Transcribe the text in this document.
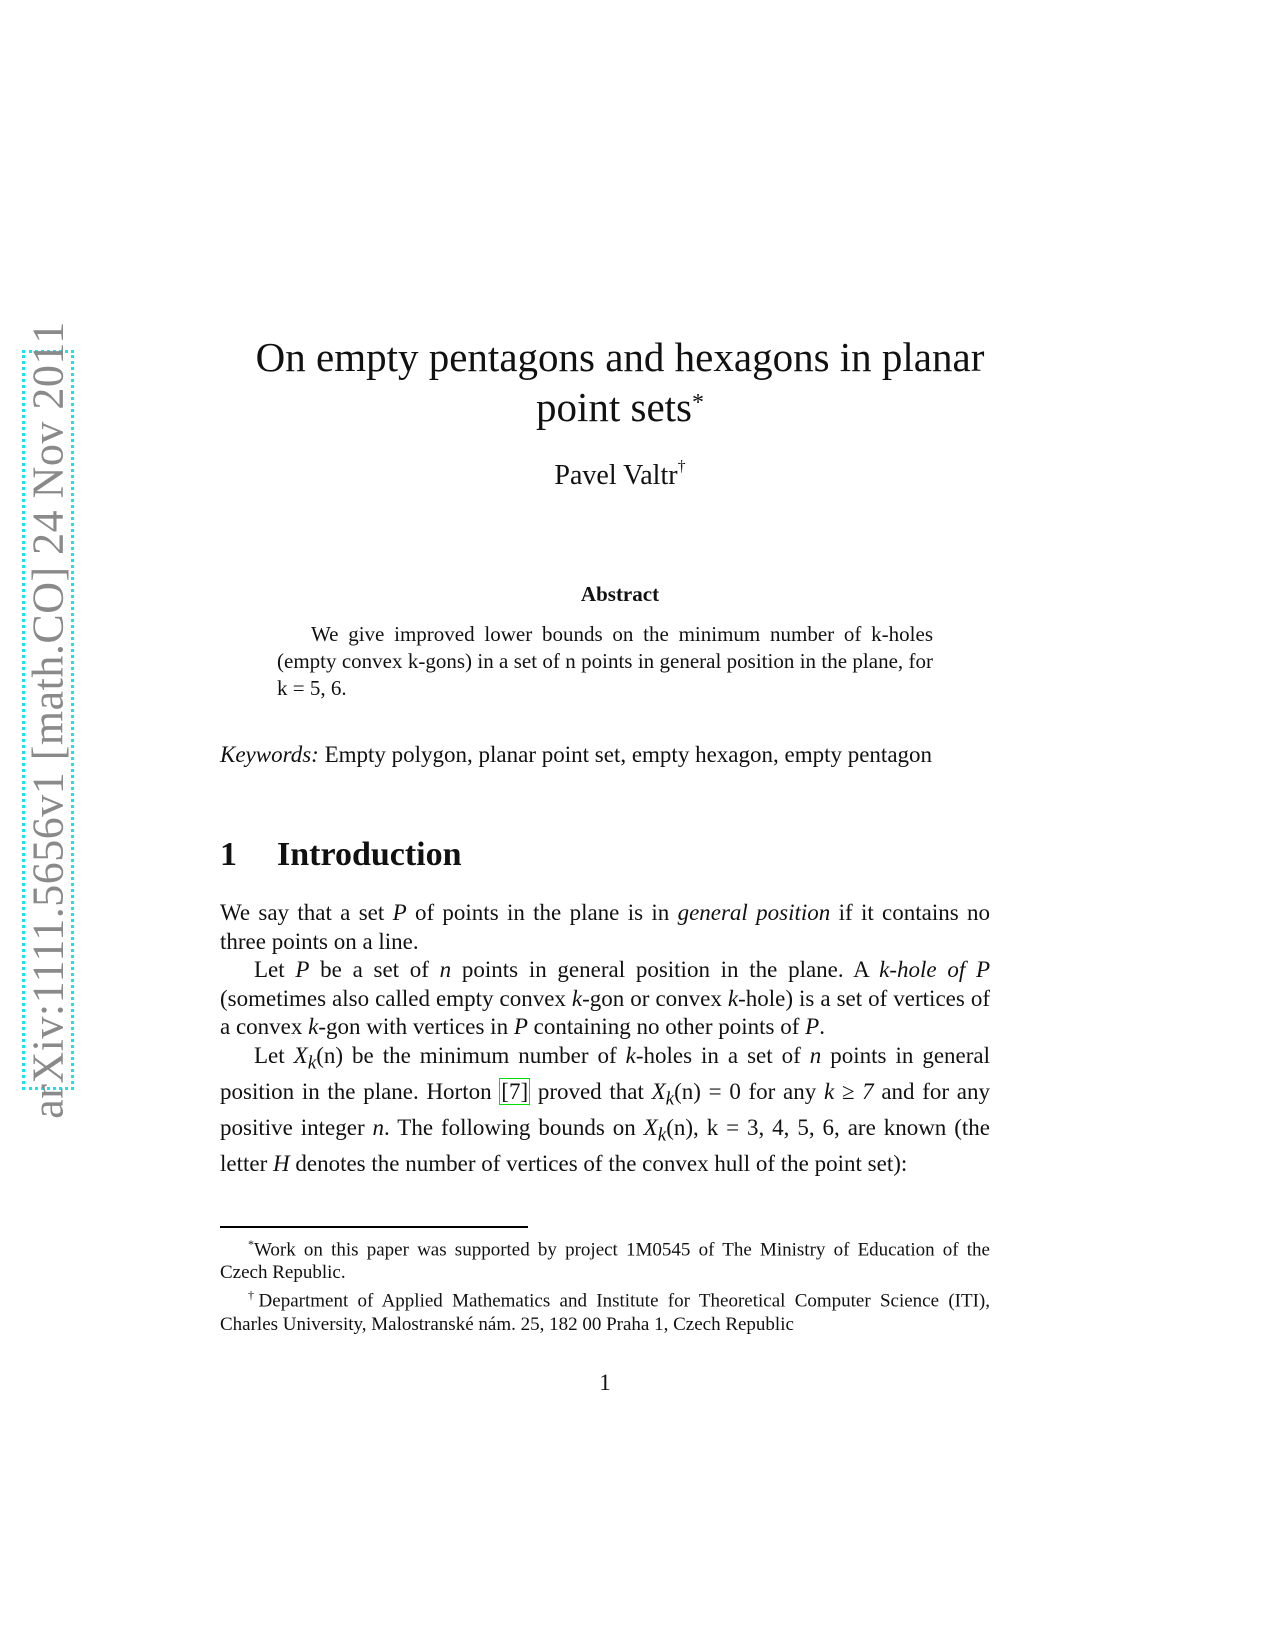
arXiv:1111.5656v1 [math.CO] 24 Nov 2011	On empty pentagons and hexagons in planar
point sets*
Pavel Valtr†
Abstract
We give improved lower bounds on the minimum number of k-holes (empty convex k-gons) in a set of n points in general position in the plane, for k = 5, 6.
Keywords: Empty polygon, planar point set, empty hexagon, empty pentagon
1 Introduction

We say that a set P of points in the plane is in general position if it contains no three points on a line.

Let P be a set of n points in general position in the plane. A k-hole of P (sometimes also called empty convex k-gon or convex k-hole) is a set of vertices of a convex k-gon with vertices in P containing no other points of P.

Let $X_k(n)$ be the minimum number of k-holes in a set of n points in general position in the plane. Horton [7] proved that $X_k(n) = 0$ for any k ≥ 7 and for any positive integer n. The following bounds on $X_k(n)$, k = 3, 4, 5, 6, are known (the letter H denotes the number of vertices of the convex hull of the point set):

*Work on this paper was supported by project 1M0545 of The Ministry of Education of the Czech Republic.

†Department of Applied Mathematics and Institute for Theoretical Computer Science (ITI), Charles University, Malostranské nám. 25, 182 00 Praha 1, Czech Republic

1
